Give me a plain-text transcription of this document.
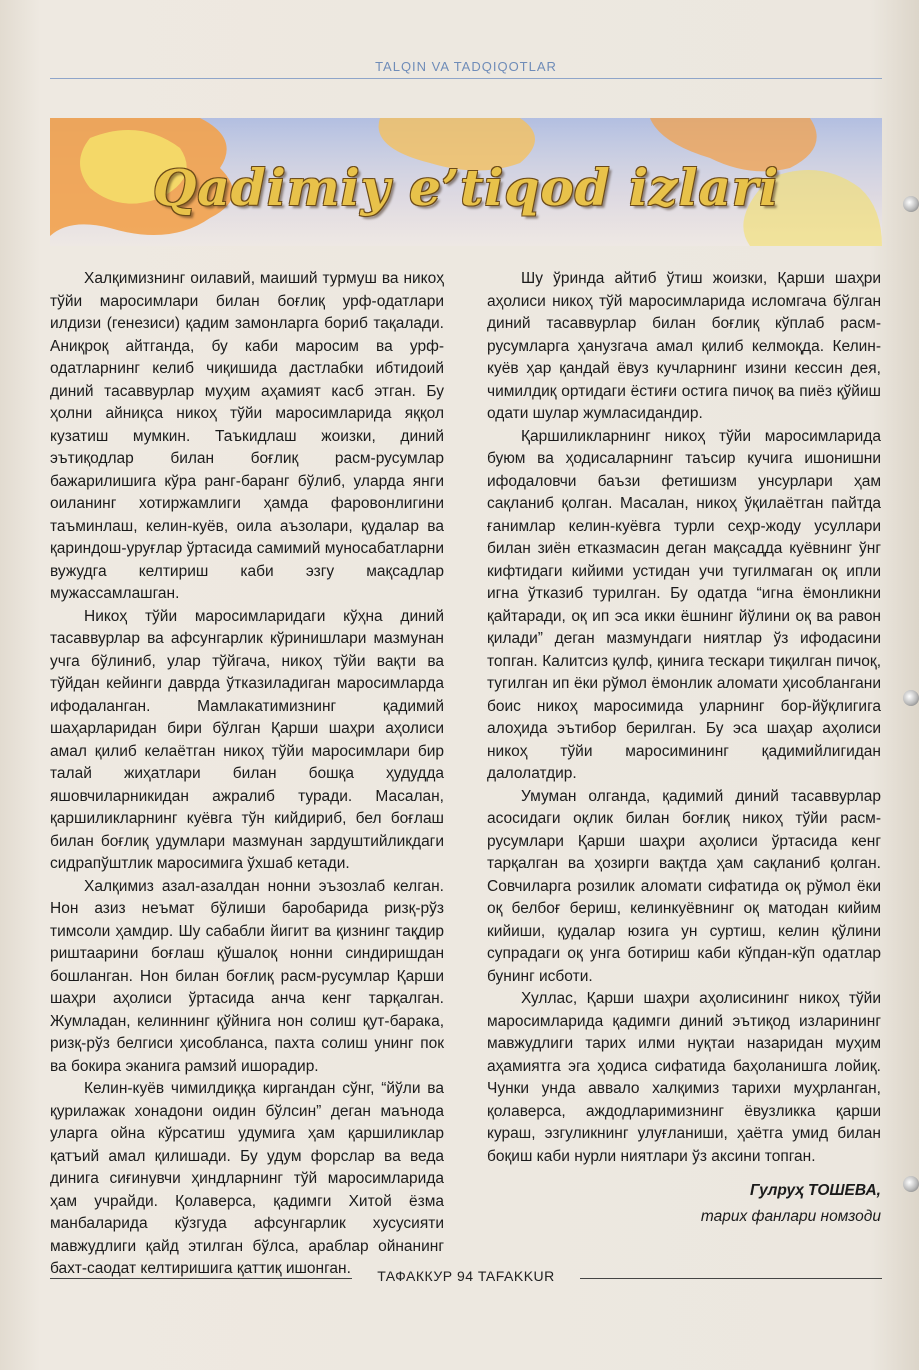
TALQIN VA TADQIQOTLAR
Qadimiy e’tiqod izlari

Халқимизнинг оилавий, маиший турмуш ва никоҳ тўйи маросимлари билан боғлиқ урф-одатлари илдизи (генезиси) қадим замонларга бориб тақалади. Аниқроқ айтганда, бу каби маросим ва урф-одатларнинг келиб чиқишида дастлабки ибтидоий диний тасаввурлар муҳим аҳамият касб этган. Бу ҳолни айниқса никоҳ тўйи маросимларида яққол кузатиш мумкин. Таъкидлаш жоизки, диний эътиқодлар билан боғлиқ расм-русумлар бажарилишига кўра ранг-баранг бўлиб, уларда янги оиланинг хотиржамлиги ҳамда фаровонлигини таъминлаш, келин-куёв, оила аъзолари, қудалар ва қариндош-уруғлар ўртасида самимий муносабатларни вужудга келтириш каби эзгу мақсадлар мужассамлашган.

Никоҳ тўйи маросимларидаги кўҳна диний тасаввурлар ва афсунгарлик кўринишлари мазмунан учга бўлиниб, улар тўйгача, никоҳ тўйи вақти ва тўйдан кейинги даврда ўтказиладиган маросимларда ифодаланган. Мамлакатимизнинг қадимий шаҳарларидан бири бўлган Қарши шаҳри аҳолиси амал қилиб келаётган никоҳ тўйи маросимлари бир талай жиҳатлари билан бошқа ҳудудда яшовчиларникидан ажралиб туради. Масалан, қаршиликларнинг куёвга тўн кийдириб, бел боғлаш билан боғлиқ удумлари мазмунан зардуштийликдаги сидрапўштлик маросимига ўхшаб кетади.

Халқимиз азал-азалдан нонни эъзозлаб келган. Нон азиз неъмат бўлиши баробарида ризқ-рўз тимсоли ҳамдир. Шу сабабли йигит ва қизнинг тақдир риштаарини боғлаш қўшалоқ нонни синдиришдан бошланган. Нон билан боғлиқ расм-русумлар Қарши шаҳри аҳолиси ўртасида анча кенг тарқалган. Жумладан, келиннинг қўйнига нон солиш қут-барака, ризқ-рўз белгиси ҳисобланса, пахта солиш унинг пок ва бокира эканига рамзий ишорадир.

Келин-куёв чимилдиққа киргандан сўнг, “йўли ва қурилажак хонадони оидин бўлсин” деган маънода уларга ойна кўрсатиш удумига ҳам қаршиликлар қатъий амал қилишади. Бу удум форслар ва веда динига сиғинувчи ҳиндларнинг тўй маросимларида ҳам учрайди. Қолаверса, қадимги Хитой ёзма манбаларида кўзгуда афсунгарлик хусусияти мавжудлиги қайд этилган бўлса, араблар ойнанинг бахт-саодат келтиришига қаттиқ ишонган.

Шу ўринда айтиб ўтиш жоизки, Қарши шаҳри аҳолиси никоҳ тўй маросимларида исломгача бўлган диний тасаввурлар билан боғлиқ кўплаб расм-русумларга ҳанузгача амал қилиб келмоқда. Келин-куёв ҳар қандай ёвуз кучларнинг изини кессин дея, чимилдиқ ортидаги ёстиғи остига пичоқ ва пиёз қўйиш одати шулар жумласидандир.

Қаршиликларнинг никоҳ тўйи маросимларида буюм ва ҳодисаларнинг таъсир кучига ишонишни ифодаловчи баъзи фетишизм унсурлари ҳам сақланиб қолган. Масалан, никоҳ ўқилаётган пайтда ғанимлар келин-куёвга турли сеҳр-жоду усуллари билан зиён етказмасин деган мақсадда куёвнинг ўнг кифтидаги кийими устидан учи тугилмаган оқ ипли игна ўтказиб турилган. Бу одатда “игна ёмонликни қайтаради, оқ ип эса икки ёшнинг йўлини оқ ва равон қилади” деган мазмундаги ниятлар ўз ифодасини топган. Калитсиз қулф, қинига тескари тиқилган пичоқ, тугилган ип ёки рўмол ёмонлик аломати ҳисоблангани боис никоҳ маросимида уларнинг бор-йўқлигига алоҳида эътибор берилган. Бу эса шаҳар аҳолиси никоҳ тўйи маросимининг қадимийлигидан далолатдир.

Умуман олганда, қадимий диний тасаввурлар асосидаги оқлик билан боғлиқ никоҳ тўйи расм-русумлари Қарши шаҳри аҳолиси ўртасида кенг тарқалган ва ҳозирги вақтда ҳам сақланиб қолган. Совчиларга розилик аломати сифатида оқ рўмол ёки оқ белбоғ бериш, келинкуёвнинг оқ матодан кийим кийиши, қудалар юзига ун суртиш, келин қўлини супрадаги оқ унга ботириш каби кўпдан-кўп одатлар бунинг исботи.

Хуллас, Қарши шаҳри аҳолисининг никоҳ тўйи маросимларида қадимги диний эътиқод изларининг мавжудлиги тарих илми нуқтаи назаридан муҳим аҳамиятга эга ҳодиса сифатида баҳоланишга лойиқ. Чунки унда аввало халқимиз тарихи муҳрланган, қолаверса, аждодларимизнинг ёвузликка қарши кураш, эзгуликнинг улуғланиши, ҳаётга умид билан боқиш каби нурли ниятлари ўз аксини топган.

Гулруҳ ТОШЕВА,
тарих фанлари номзоди
ТАФАККУР 94 TAFAKKUR
